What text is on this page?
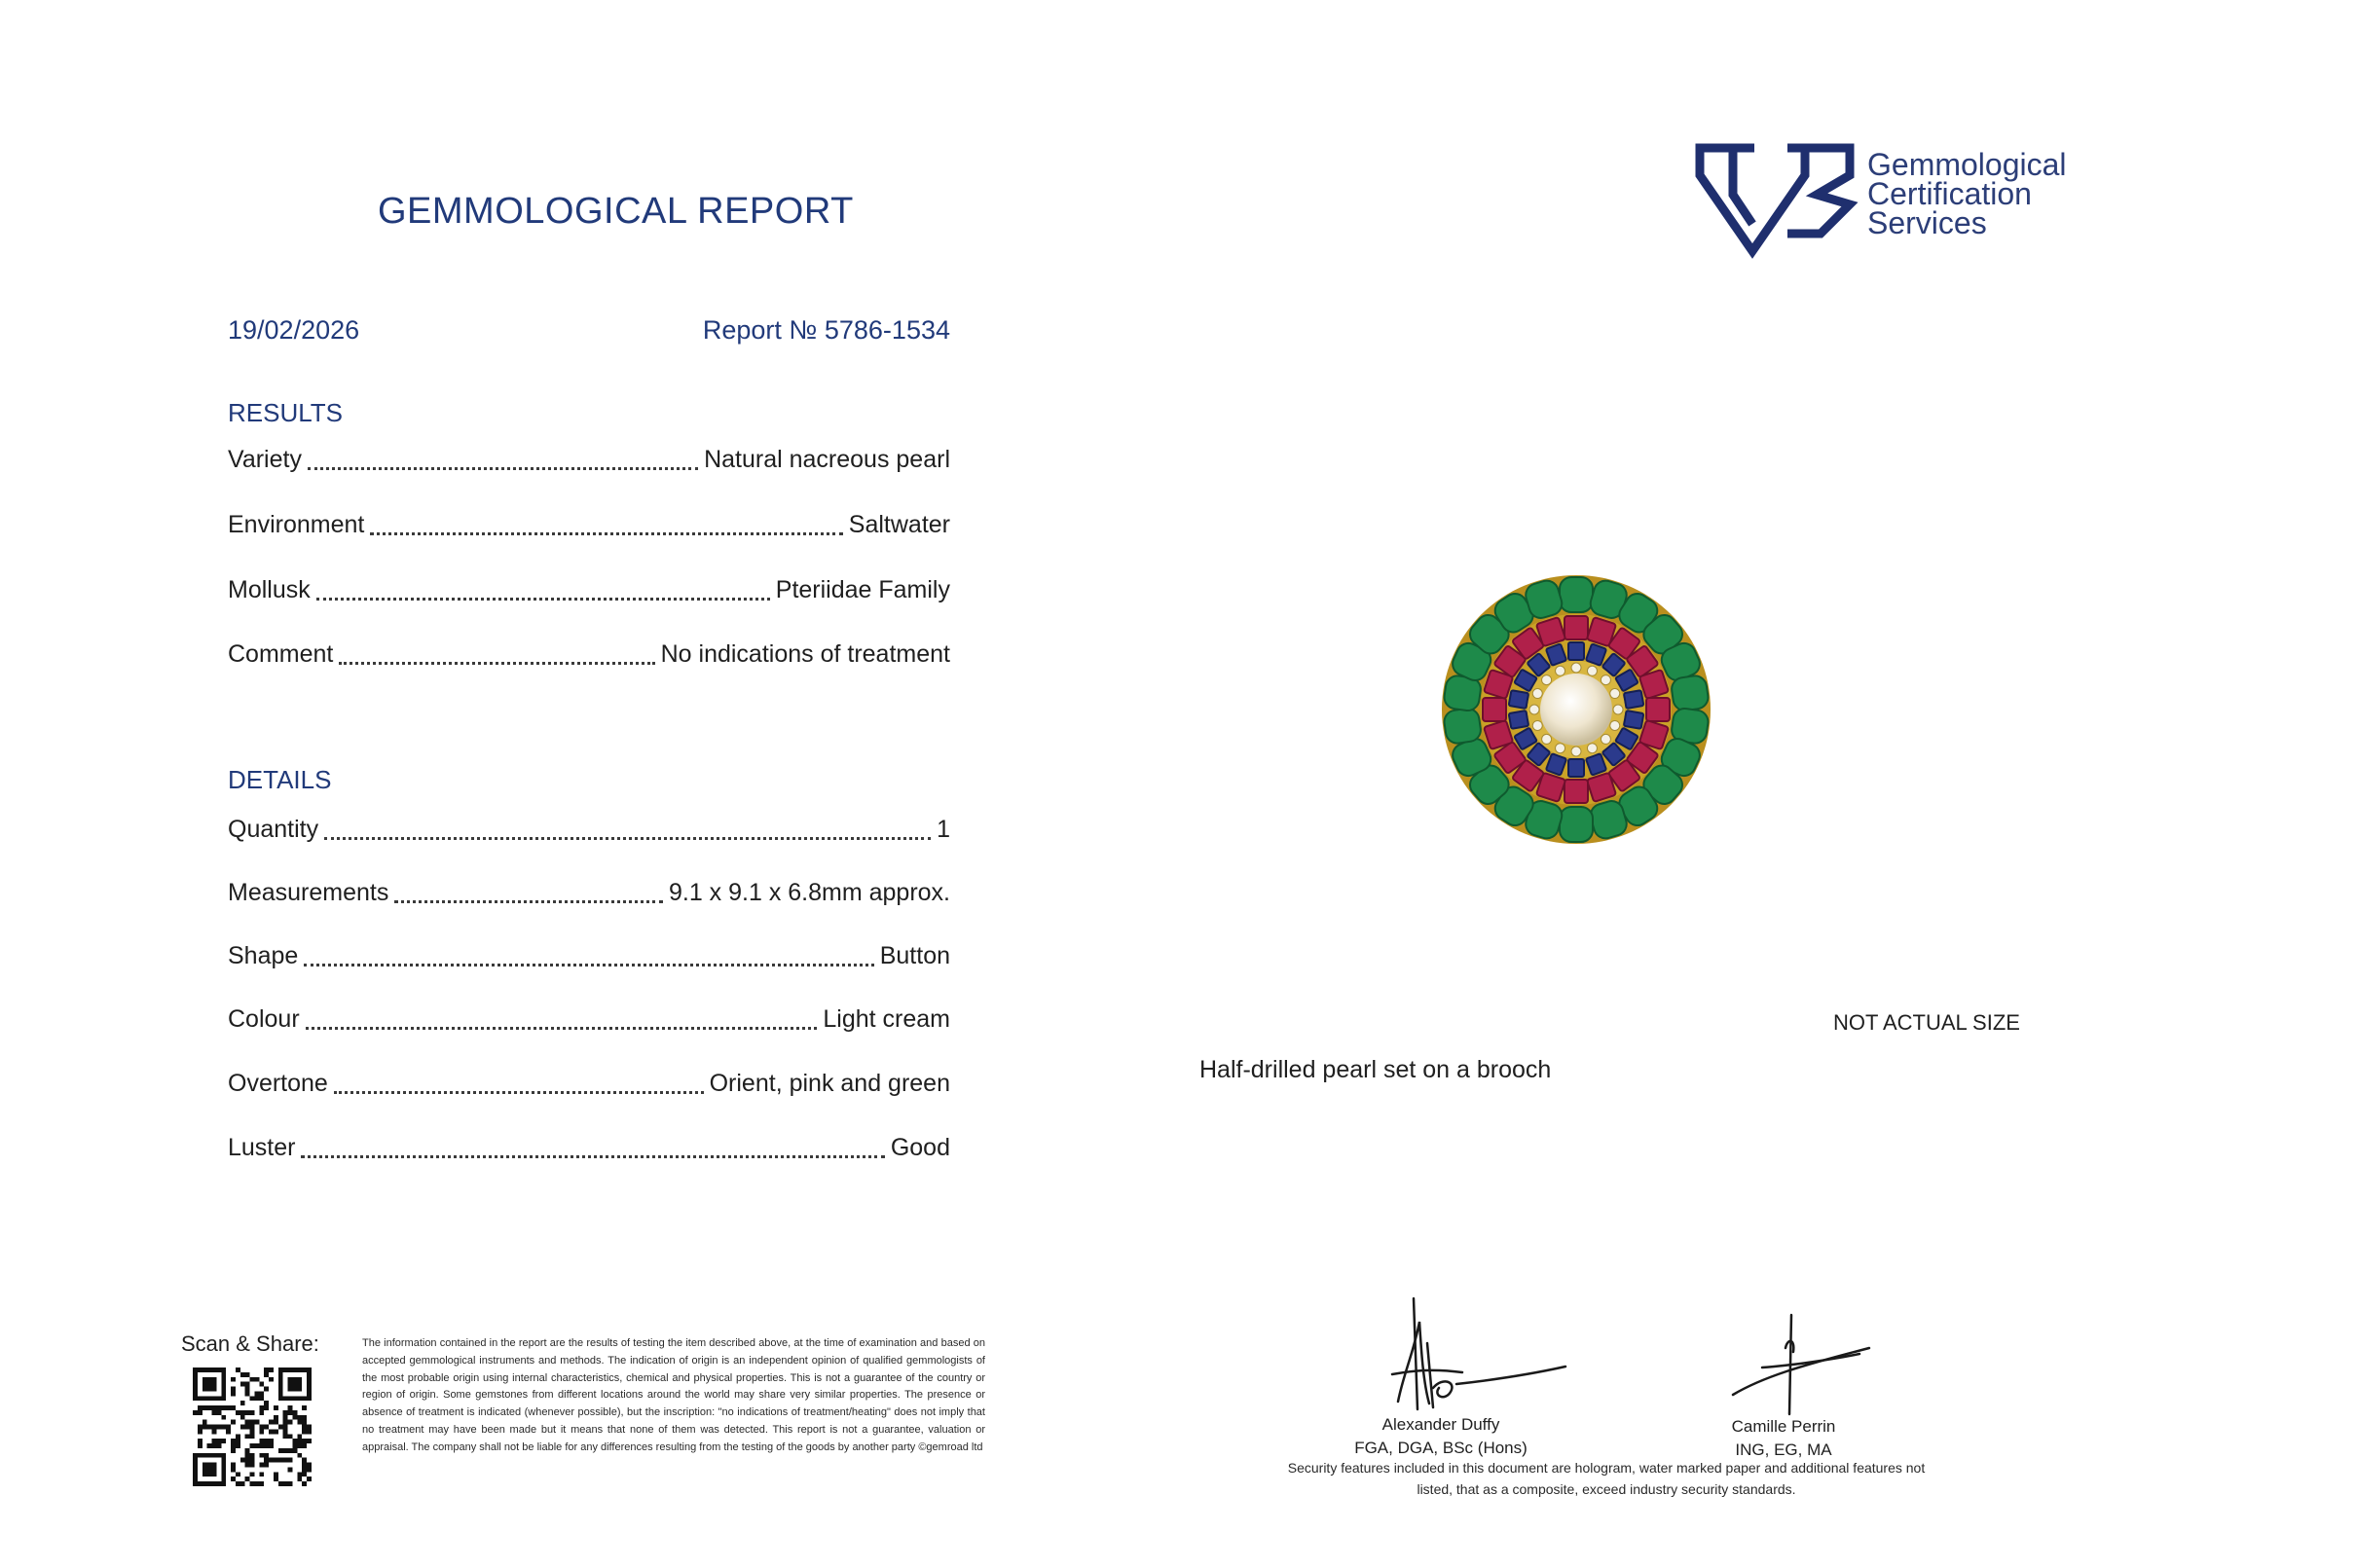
GEMMOLOGICAL REPORT
19/02/2026	Report № 5786-1534
RESULTS
Variety	Natural nacreous pearl
Environment	Saltwater
Mollusk	Pteriidae Family
Comment	No indications of treatment
DETAILS
Quantity	1
Measurements	9.1 x 9.1 x 6.8mm approx.
Shape	Button
Colour	Light cream
Overtone	Orient, pink and green
Luster	Good
Gemmological
Certification
Services
NOT ACTUAL SIZE
Half-drilled pearl set on a brooch
Scan & Share:	The information contained in the report are the results of testing the item described above, at the time of examination and based on accepted gemmological instruments and methods. The indication of origin is an independent opinion of qualified gemmologists of the most probable origin using internal characteristics, chemical and physical properties. This is not a guarantee of the country or region of origin. Some gemstones from different locations around the world may share very similar properties. The presence or absence of treatment is indicated (whenever possible), but the inscription: "no indications of treatment/heating" does not imply that no treatment may have been made but it means that none of them was detected. This report is not a guarantee, valuation or appraisal. The company shall not be liable for any differences resulting from the testing of the goods by another party ©gemroad ltd
Alexander Duffy
FGA, DGA, BSc (Hons)
Camille Perrin
ING, EG, MA
Security features included in this document are hologram, water marked paper and additional features not listed, that as a composite, exceed industry security standards.
